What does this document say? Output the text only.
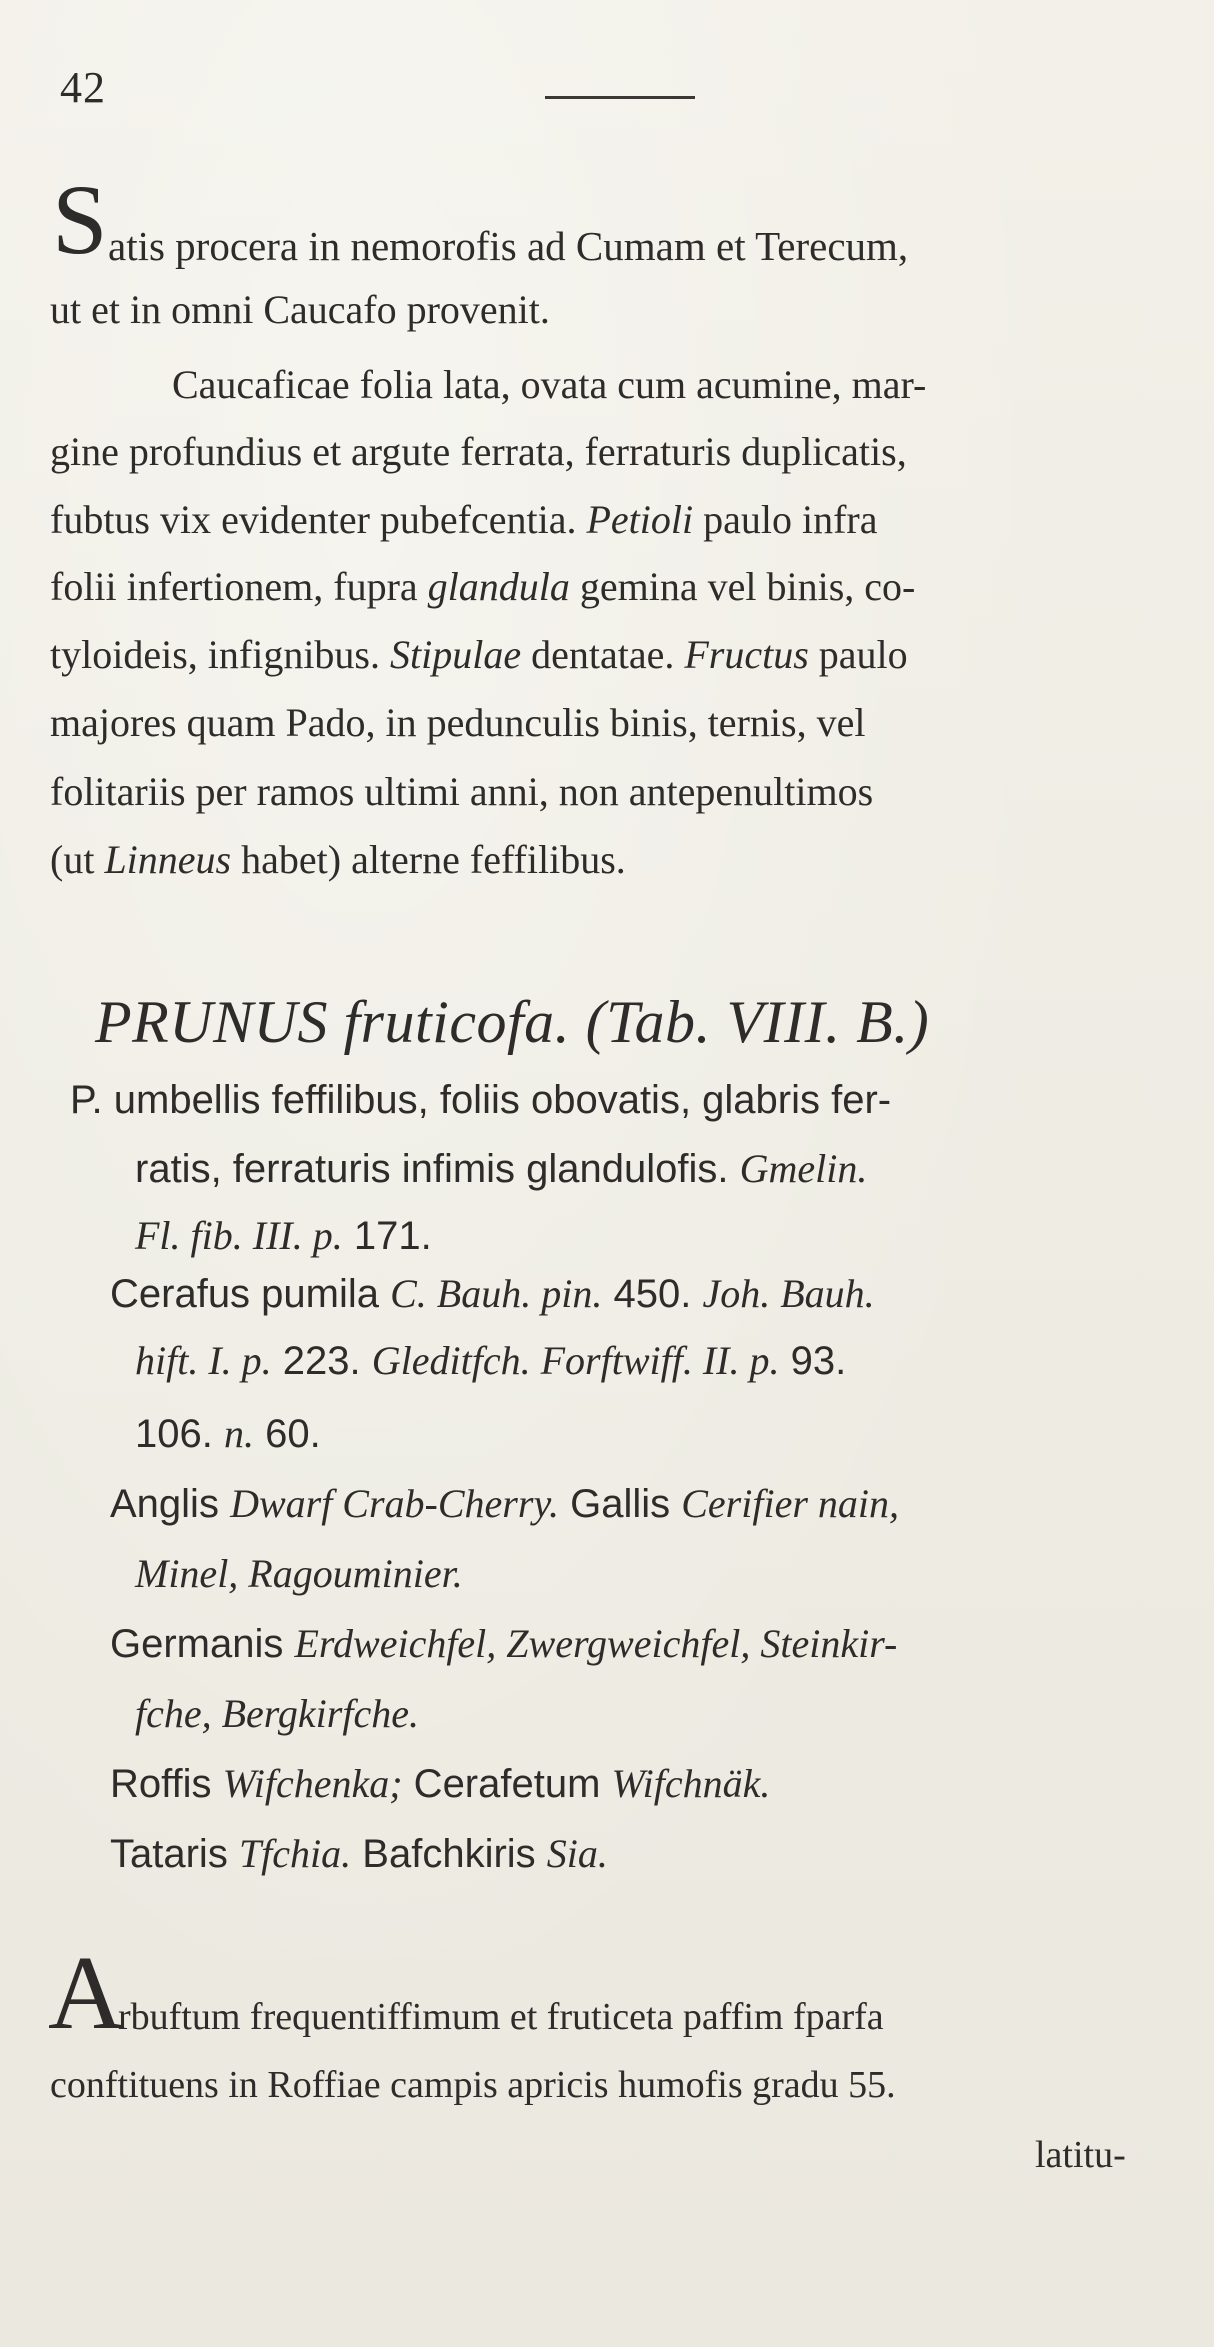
42
S atis procera in nemorofis ad Cumam et Terecum,
ut et in omni Caucafo provenit.
Caucaficae folia lata, ovata cum acumine, mar-
gine profundius et argute ferrata, ferraturis duplicatis,
fubtus vix evidenter pubefcentia. Petioli paulo infra
folii infertionem, fupra glandula gemina vel binis, co-
tyloideis, infignibus. Stipulae dentatae. Fructus paulo
majores quam Pado, in pedunculis binis, ternis, vel
folitariis per ramos ultimi anni, non antepenultimos
(ut Linneus habet) alterne feffilibus.
PRUNUS fruticofa. (Tab. VIII. B.)
P. umbellis feffilibus, foliis obovatis, glabris fer-
ratis, ferraturis infimis glandulofis. Gmelin.
Fl. fib. III. p. 171.
Cerafus pumila C. Bauh. pin. 450. Joh. Bauh.
hift. I. p. 223. Gleditfch. Forftwiff. II. p. 93.
106. n. 60.
Anglis Dwarf Crab-Cherry. Gallis Cerifier nain,
Minel, Ragouminier.
Germanis Erdweichfel, Zwergweichfel, Steinkir-
fche, Bergkirfche.
Roffis Wifchenka; Cerafetum Wifchnäk.
Tataris Tfchia. Bafchkiris Sia.
A
rbuftum frequentiffimum et fruticeta paffim fparfa
conftituens in Roffiae campis apricis humofis gradu 55.
latitu-
